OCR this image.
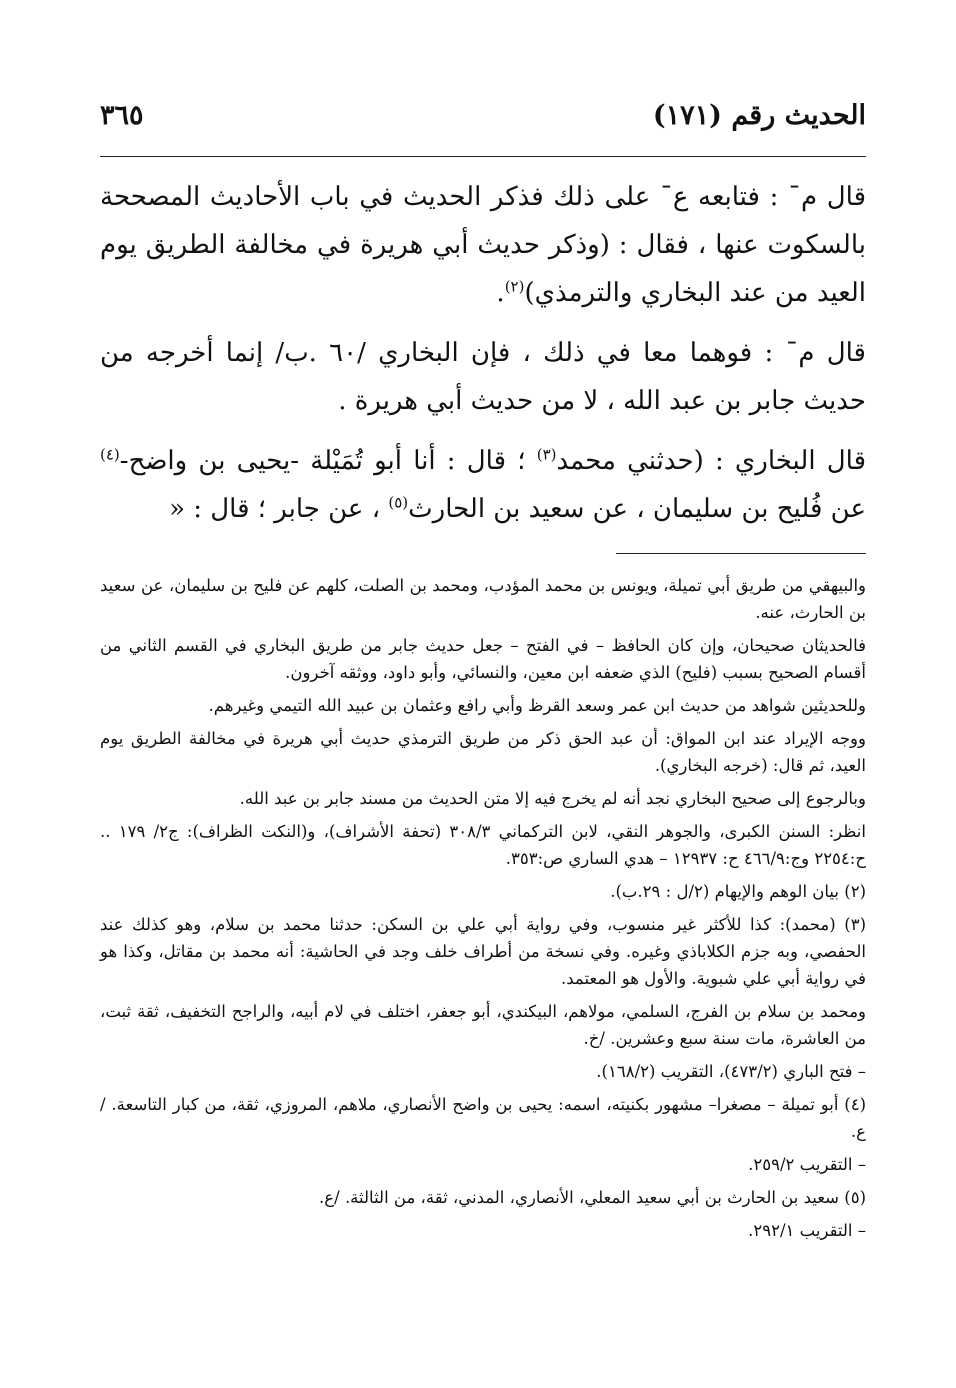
الحديث رقم (١٧١)
٣٦٥

قال مˉ : فتابعه عˉ على ذلك فذكر الحديث في باب الأحاديث المصححة بالسكوت عنها ، فقال : (وذكر حديث أبي هريرة في مخالفة الطريق يوم العيد من عند البخاري والترمذي)$^{(٢)}$.

قال مˉ : فوهما معا في ذلك ، فإن البخاري /٦٠ .ب/ إنما أخرجه من حديث جابر بن عبد الله ، لا من حديث أبي هريرة .

قال البخاري : (حدثني محمد$^{(٣)}$ ؛ قال : أنا أبو تُمَيْلة -يحيى بن واضح-$^{(٤)}$ عن فُليح بن سليمان ، عن سعيد بن الحارث$^{(٥)}$ ، عن جابر ؛ قال : «

والبيهقي من طريق أبي تميلة، ويونس بن محمد المؤدب، ومحمد بن الصلت، كلهم عن فليح بن سليمان، عن سعيد بن الحارث، عنه.

فالحديثان صحيحان، وإن كان الحافظ – في الفتح – جعل حديث جابر من طريق البخاري في القسم الثاني من أقسام الصحيح بسبب (فليح) الذي ضعفه ابن معين، والنسائي، وأبو داود، ووثقه آخرون.

وللحديثين شواهد من حديث ابن عمر وسعد القرظ وأبي رافع وعثمان بن عبيد الله التيمي وغيرهم.

ووجه الإيراد عند ابن المواق: أن عبد الحق ذكر من طريق الترمذي حديث أبي هريرة في مخالفة الطريق يوم العيد، ثم قال: (خرجه البخاري).

وبالرجوع إلى صحيح البخاري نجد أنه لم يخرج فيه إلا متن الحديث من مسند جابر بن عبد الله.

انظر: السنن الكبرى، والجوهر النقي، لابن التركماني ٣٠٨/٣ (تحفة الأشراف)، و(النكت الظراف): ج٢/ ١٧٩ .. ح:٢٢٥٤ وج:٤٦٦/٩ ح: ١٢٩٣٧ – هدي الساري ص:٣٥٣.

(٢) بيان الوهم والإيهام (٢/ل : ٢٩.ب).

(٣) (محمد): كذا للأكثر غير منسوب، وفي رواية أبي علي بن السكن: حدثنا محمد بن سلام، وهو كذلك عند الحفصي، وبه جزم الكلاباذي وغيره. وفي نسخة من أطراف خلف وجد في الحاشية: أنه محمد بن مقاتل، وكذا هو في رواية أبي علي شبوية. والأول هو المعتمد.

ومحمد بن سلام بن الفرج، السلمي، مولاهم، البيكندي، أبو جعفر، اختلف في لام أبيه، والراجح التخفيف، ثقة ثبت، من العاشرة، مات سنة سبع وعشرين. /خ.

– فتح الباري (٤٧٣/٢)، التقريب (١٦٨/٢).

(٤) أبو تميلة – مصغرا– مشهور بكنيته، اسمه: يحيى بن واضح الأنصاري، ملاهم، المروزي، ثقة، من كبار التاسعة. /ع.

– التقريب ٢٥٩/٢.

(٥) سعيد بن الحارث بن أبي سعيد المعلي، الأنصاري، المدني، ثقة، من الثالثة. /ع.

– التقريب ٢٩٢/١.
